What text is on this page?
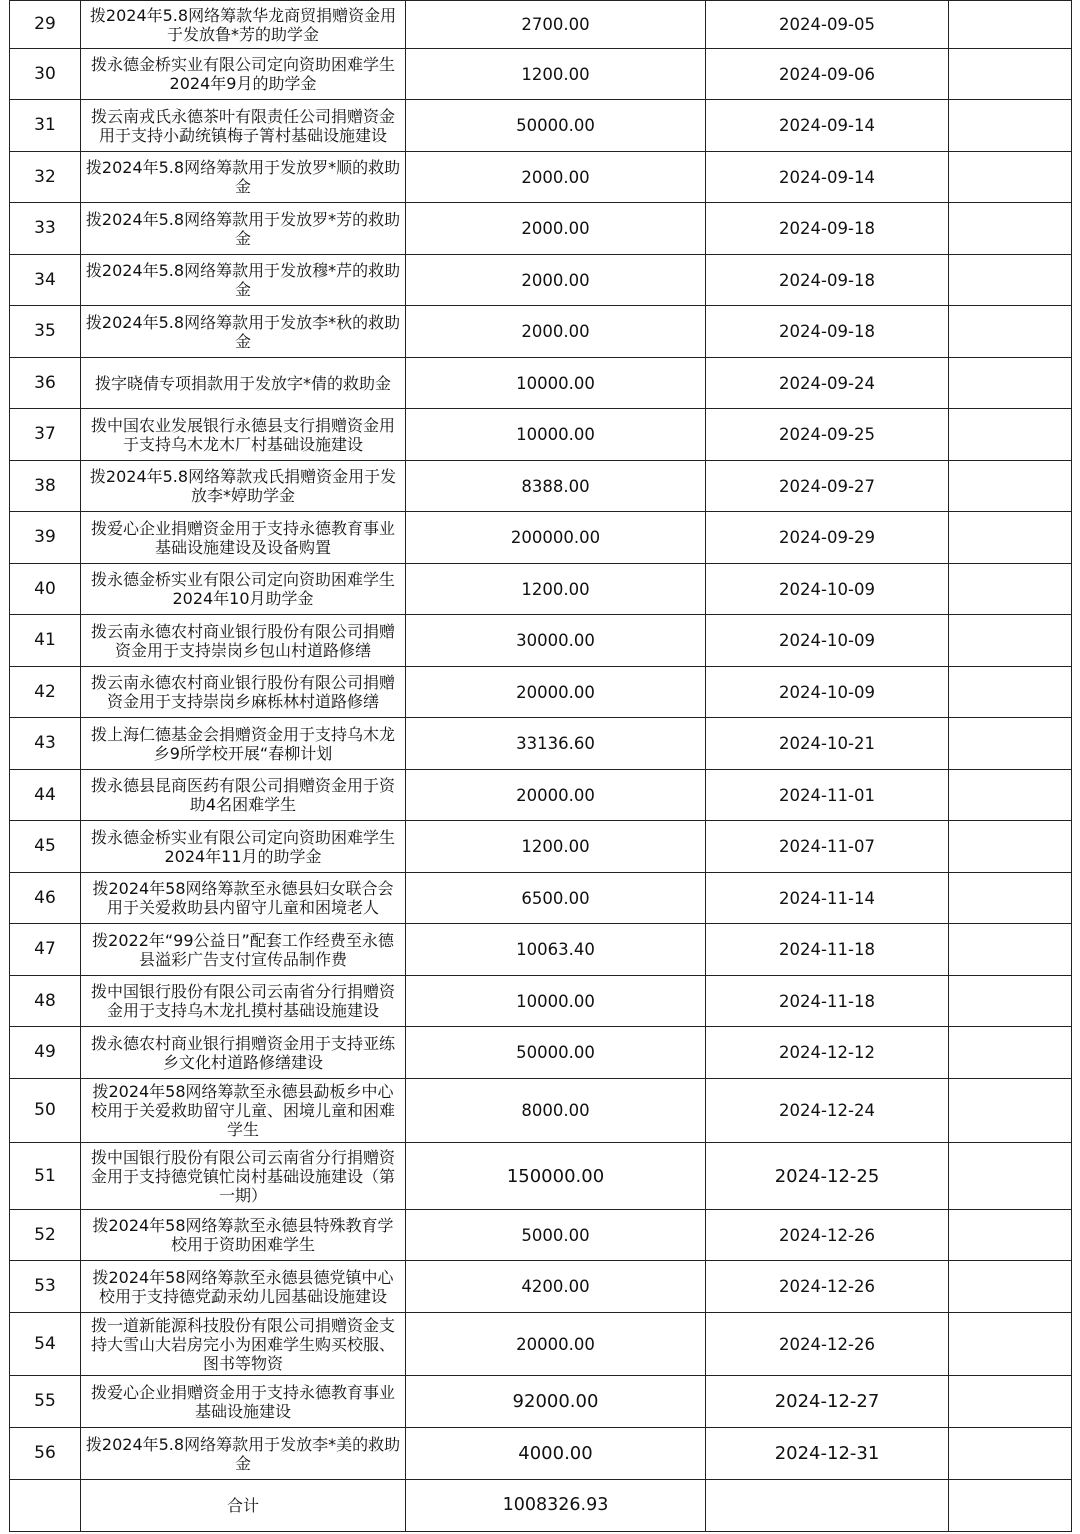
29	拨2024年5.8网络筹款华龙商贸捐赠资金用于发放鲁*芳的助学金	2700.00	2024-09-05	
30	拨永德金桥实业有限公司定向资助困难学生2024年9月的助学金	1200.00	2024-09-06	
31	拨云南戎氏永德茶叶有限责任公司捐赠资金用于支持小勐统镇梅子箐村基础设施建设	50000.00	2024-09-14	
32	拨2024年5.8网络筹款用于发放罗*顺的救助金	2000.00	2024-09-14	
33	拨2024年5.8网络筹款用于发放罗*芳的救助金	2000.00	2024-09-18	
34	拨2024年5.8网络筹款用于发放穆*芹的救助金	2000.00	2024-09-18	
35	拨2024年5.8网络筹款用于发放李*秋的救助金	2000.00	2024-09-18	
36	拨字晓倩专项捐款用于发放字*倩的救助金	10000.00	2024-09-24	
37	拨中国农业发展银行永德县支行捐赠资金用于支持乌木龙木厂村基础设施建设	10000.00	2024-09-25	
38	拨2024年5.8网络筹款戎氏捐赠资金用于发放李*婷助学金	8388.00	2024-09-27	
39	拨爱心企业捐赠资金用于支持永德教育事业基础设施建设及设备购置	200000.00	2024-09-29	
40	拨永德金桥实业有限公司定向资助困难学生2024年10月助学金	1200.00	2024-10-09	
41	拨云南永德农村商业银行股份有限公司捐赠资金用于支持崇岗乡包山村道路修缮	30000.00	2024-10-09	
42	拨云南永德农村商业银行股份有限公司捐赠资金用于支持崇岗乡麻栎林村道路修缮	20000.00	2024-10-09	
43	拨上海仁德基金会捐赠资金用于支持乌木龙乡9所学校开展“春柳计划	33136.60	2024-10-21	
44	拨永德县昆商医药有限公司捐赠资金用于资助4名困难学生	20000.00	2024-11-01	
45	拨永德金桥实业有限公司定向资助困难学生2024年11月的助学金	1200.00	2024-11-07	
46	拨2024年58网络筹款至永德县妇女联合会用于关爱救助县内留守儿童和困境老人	6500.00	2024-11-14	
47	拨2022年“99公益日”配套工作经费至永德县溢彩广告支付宣传品制作费	10063.40	2024-11-18	
48	拨中国银行股份有限公司云南省分行捐赠资金用于支持乌木龙扎摸村基础设施建设	10000.00	2024-11-18	
49	拨永德农村商业银行捐赠资金用于支持亚练乡文化村道路修缮建设	50000.00	2024-12-12	
50	拨2024年58网络筹款至永德县勐板乡中心校用于关爱救助留守儿童、困境儿童和困难学生	8000.00	2024-12-24	
51	拨中国银行股份有限公司云南省分行捐赠资金用于支持德党镇忙岗村基础设施建设（第一期）	150000.00	2024-12-25	
52	拨2024年58网络筹款至永德县特殊教育学校用于资助困难学生	5000.00	2024-12-26	
53	拨2024年58网络筹款至永德县德党镇中心校用于支持德党勐汞幼儿园基础设施建设	4200.00	2024-12-26	
54	拨一道新能源科技股份有限公司捐赠资金支持大雪山大岩房完小为困难学生购买校服、图书等物资	20000.00	2024-12-26	
55	拨爱心企业捐赠资金用于支持永德教育事业基础设施建设	92000.00	2024-12-27	
56	拨2024年5.8网络筹款用于发放李*美的救助金	4000.00	2024-12-31	
	合计	1008326.93		
